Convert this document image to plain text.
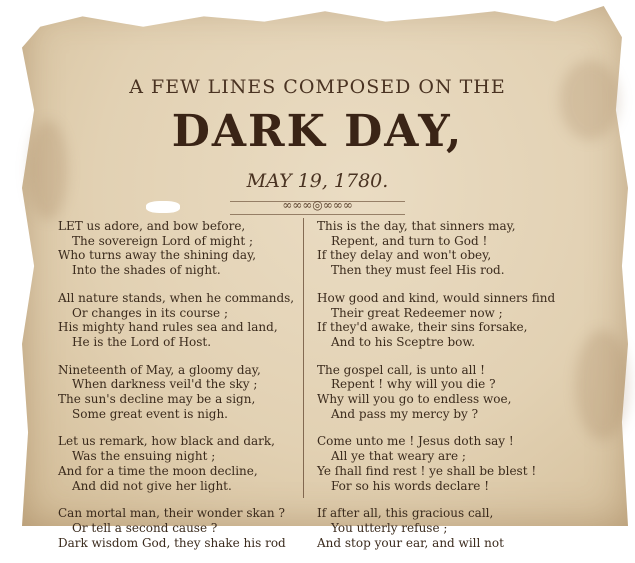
A FEW LINES COMPOSED ON THE
DARK DAY,
MAY 19, 1780.
∞∞∞◎∞∞∞
LET us adore, and bow before,
The sovereign Lord of might ;
Who turns away the shining day,
Into the shades of night.
All nature stands, when he commands,
Or changes in its course ;
His mighty hand rules sea and land,
He is the Lord of Host.
Nineteenth of May, a gloomy day,
When darkness veil'd the sky ;
The sun's decline may be a sign,
Some great event is nigh.
Let us remark, how black and dark,
Was the ensuing night ;
And for a time the moon decline,
And did not give her light.
Can mortal man, their wonder skan ?
Or tell a second cause ?
Dark wisdom God, they shake his rod
This is the day, that sinners may,
Repent, and turn to God !
If they delay and won't obey,
Then they must feel His rod.
How good and kind, would sinners find
Their great Redeemer now ;
If they'd awake, their sins forsake,
And to his Sceptre bow.
The gospel call, is unto all !
Repent ! why will you die ?
Why will you go to endless woe,
And pass my mercy by ?
Come unto me ! Jesus doth say !
All ye that weary are ;
Ye ſhall find rest ! ye shall be blest !
For so his words declare !
If after all, this gracious call,
You utterly refuse ;
And stop your ear, and will not
